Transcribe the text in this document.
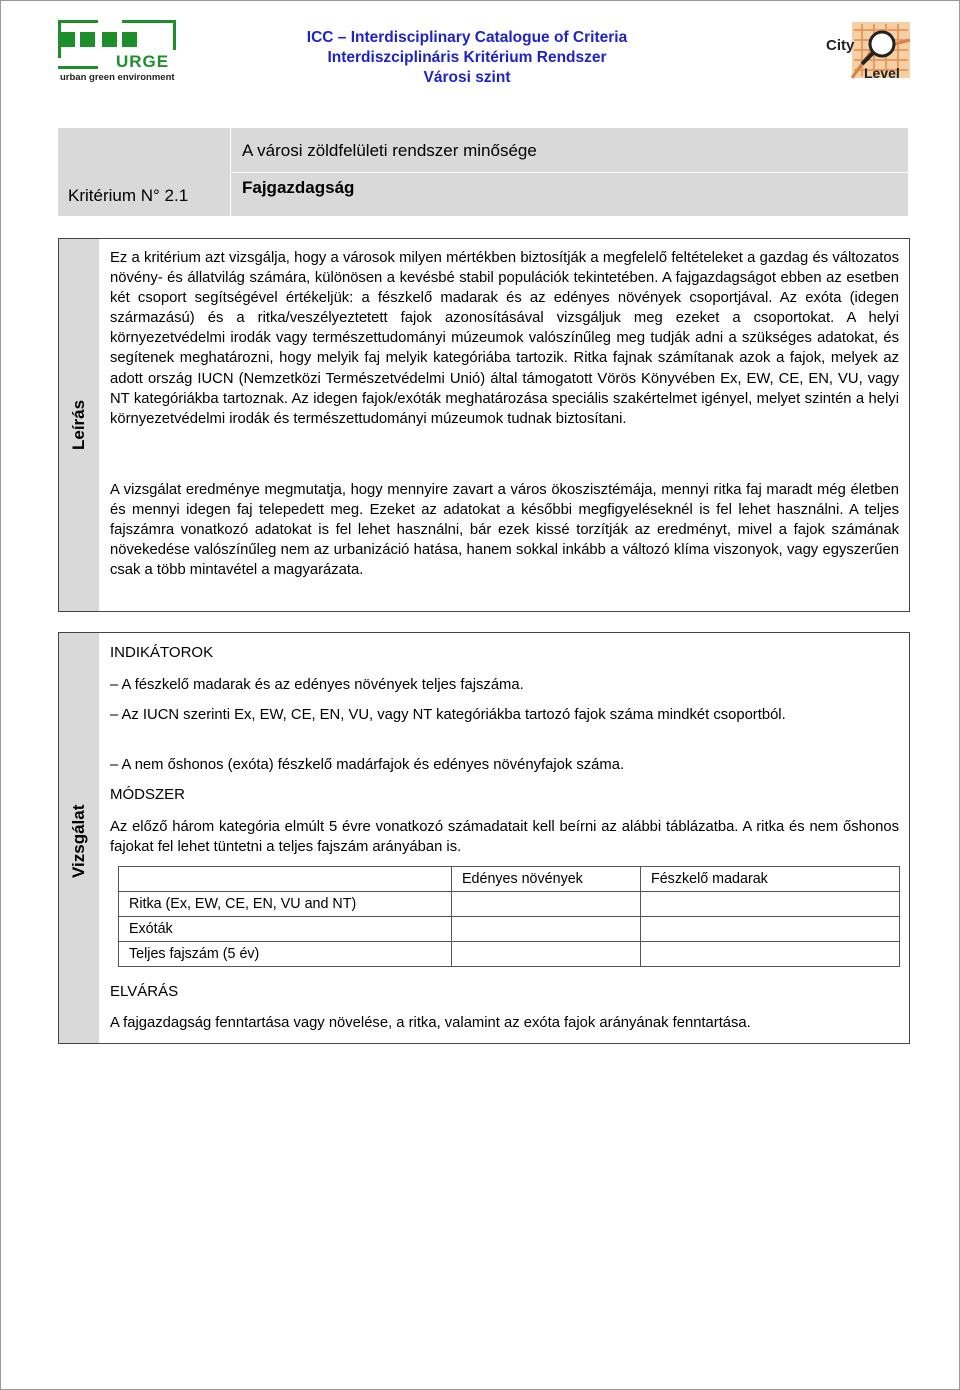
URGE
urban green environment
ICC – Interdisciplinary Catalogue of Criteria
Interdiszciplináris Kritérium Rendszer
Városi szint
City
Level
Kritérium N° 2.1
A városi zöldfelületi rendszer minősége
Fajgazdagság
Leírás
Ez a kritérium azt vizsgálja, hogy a városok milyen mértékben biztosítják a megfelelő feltételeket a gazdag és változatos növény- és állatvilág számára, különösen a kevésbé stabil populációk tekintetében. A fajgazdagságot ebben az esetben két csoport segítségével értékeljük: a fészkelő madarak és az edényes növények csoportjával. Az exóta (idegen származású) és a ritka/veszélyeztetett fajok azonosításával vizsgáljuk meg ezeket a csoportokat. A helyi környezetvédelmi irodák vagy természettudományi múzeumok valószínűleg meg tudják adni a szükséges adatokat, és segítenek meghatározni, hogy melyik faj melyik kategóriába tartozik. Ritka fajnak számítanak azok a fajok, melyek az adott ország IUCN (Nemzetközi Természetvédelmi Unió) által támogatott Vörös Könyvében Ex, EW, CE, EN, VU, vagy NT kategóriákba tartoznak. Az idegen fajok/exóták meghatározása speciális szakértelmet igényel, melyet szintén a helyi környezetvédelmi irodák és természettudományi múzeumok tudnak biztosítani.
A vizsgálat eredménye megmutatja, hogy mennyire zavart a város ökoszisztémája, mennyi ritka faj maradt még életben és mennyi idegen faj telepedett meg. Ezeket az adatokat a későbbi megfigyeléseknél is fel lehet használni. A teljes fajszámra vonatkozó adatokat is fel lehet használni, bár ezek kissé torzítják az eredményt, mivel a fajok számának növekedése valószínűleg nem az urbanizáció hatása, hanem sokkal inkább a változó klíma viszonyok, vagy egyszerűen csak a több mintavétel a magyarázata.
Vizsgálat
INDIKÁTOROK
– A fészkelő madarak és az edényes növények teljes fajszáma.
– Az IUCN szerinti Ex, EW, CE, EN, VU, vagy NT kategóriákba tartozó fajok száma mindkét csoportból.
– A nem őshonos (exóta) fészkelő madárfajok és edényes növényfajok száma.
MÓDSZER
Az előző három kategória elmúlt 5 évre vonatkozó számadatait kell beírni az alábbi táblázatba. A ritka és nem őshonos fajokat fel lehet tüntetni a teljes fajszám arányában is.
	Edényes növények	Fészkelő madarak
Ritka (Ex, EW, CE, EN, VU and NT)		
Exóták		
Teljes fajszám (5 év)		
ELVÁRÁS
A fajgazdagság fenntartása vagy növelése, a ritka, valamint az exóta fajok arányának fenntartása.
